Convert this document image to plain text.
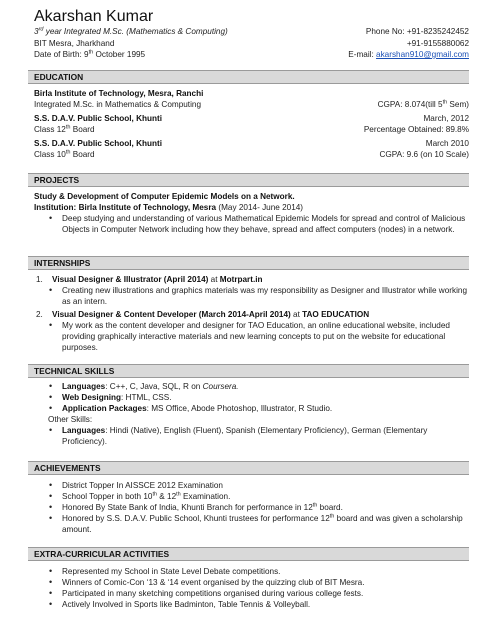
Akarshan Kumar
3rd year Integrated M.Sc. (Mathematics & Computing)	Phone No: +91-8235242452
BIT Mesra, Jharkhand	+91-9155880062
Date of Birth: 9th October 1995	E-mail: akarshan910@gmail.com
EDUCATION
Birla Institute of Technology, Mesra, Ranchi
Integrated M.Sc. in Mathematics & Computing	CGPA: 8.074(till 5th Sem)
S.S. D.A.V. Public School, Khunti	March, 2012
Class 12th Board	Percentage Obtained: 89.8%
S.S. D.A.V. Public School, Khunti	March 2010
Class 10th Board	CGPA: 9.6 (on 10 Scale)
PROJECTS
Study & Development of Computer Epidemic Models on a Network.
Institution: Birla Institute of Technology, Mesra (May 2014- June 2014)
• Deep studying and understanding of various Mathematical Epidemic Models for spread and control of Malicious Objects in Computer Network including how they behave, spread and affect computers (nodes) in a network.
INTERNSHIPS
1.	Visual Designer & Illustrator (April 2014) at Motrpart.in
• Creating new illustrations and graphics materials was my responsibility as Designer and Illustrator while working as an intern.
2.	Visual Designer & Content Developer (March 2014-April 2014) at TAO EDUCATION
• My work as the content developer and designer for TAO Education, an online educational website, included providing graphically interactive materials and new learning concepts to put on the website for educational purposes.
TECHNICAL SKILLS
• Languages: C++, C, Java, SQL, R on Coursera.
• Web Designing: HTML, CSS.
• Application Packages: MS Office, Abode Photoshop, Illustrator, R Studio.
Other Skills:
• Languages: Hindi (Native), English (Fluent), Spanish (Elementary Proficiency), German (Elementary Proficiency).
ACHIEVEMENTS
• District Topper In AISSCE 2012 Examination
• School Topper in both 10th & 12th Examination.
• Honored By State Bank of India, Khunti Branch for performance in 12th board.
• Honored by S.S. D.A.V. Public School, Khunti trustees for performance 12th board and was given a scholarship amount.
EXTRA-CURRICULAR ACTIVITIES
• Represented my School in State Level Debate competitions.
• Winners of Comic-Con ‘13 & ‘14 event organised by the quizzing club of BIT Mesra.
• Participated in many sketching competitions organised during various college fests.
• Actively Involved in Sports like Badminton, Table Tennis & Volleyball.
